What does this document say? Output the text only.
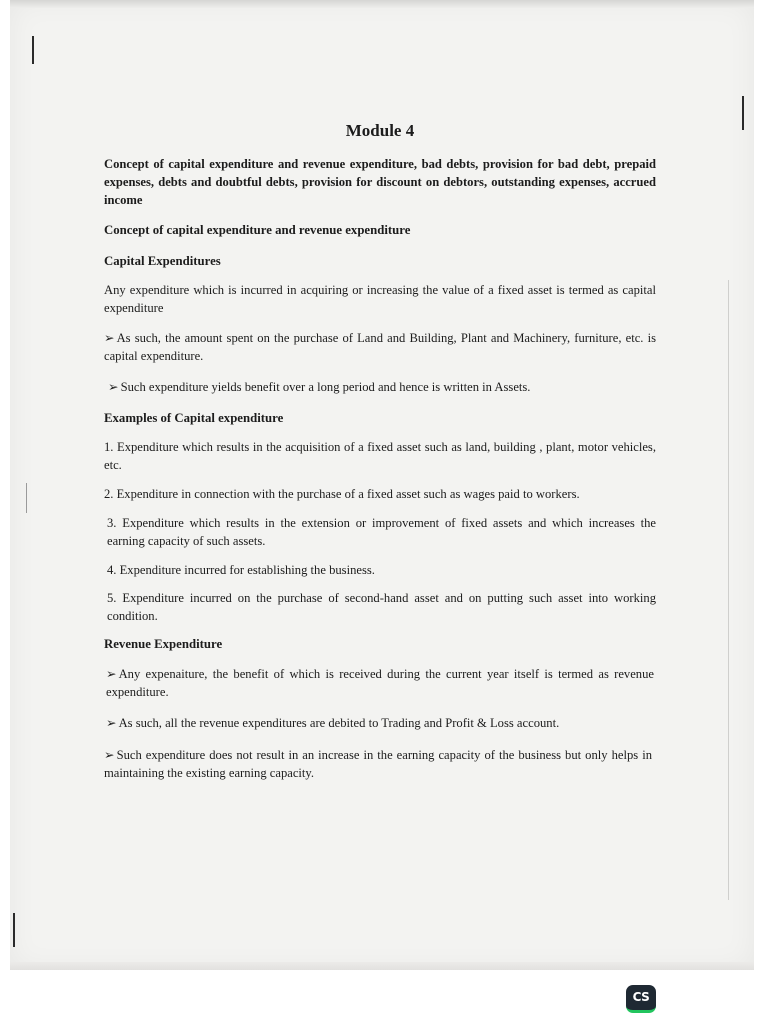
Module 4

Concept of capital expenditure and revenue expenditure, bad debts, provision for bad debt, prepaid expenses, debts and doubtful debts, provision for discount on debtors, outstanding expenses, accrued income

Concept of capital expenditure and revenue expenditure

Capital Expenditures

Any expenditure which is incurred in acquiring or increasing the value of a fixed asset is termed as capital expenditure

➢ As such, the amount spent on the purchase of Land and Building, Plant and Machinery, furniture, etc. is capital expenditure.

➢ Such expenditure yields benefit over a long period and hence is written in Assets.

Examples of Capital expenditure

1. Expenditure which results in the acquisition of a fixed asset such as land, building , plant, motor vehicles, etc.

2. Expenditure in connection with the purchase of a fixed asset such as wages paid to workers.

3. Expenditure which results in the extension or improvement of fixed assets and which increases the earning capacity of such assets.

4. Expenditure incurred for establishing the business.

5. Expenditure incurred on the purchase of second-hand asset and on putting such asset into working condition.

Revenue Expenditure

➢ Any expenaiture, the benefit of which is received during the current year itself is termed as revenue expenditure.

➢ As such, all the revenue expenditures are debited to Trading and Profit & Loss account.

➢ Such expenditure does not result in an increase in the earning capacity of the business but only helps in maintaining the existing earning capacity.

CS
